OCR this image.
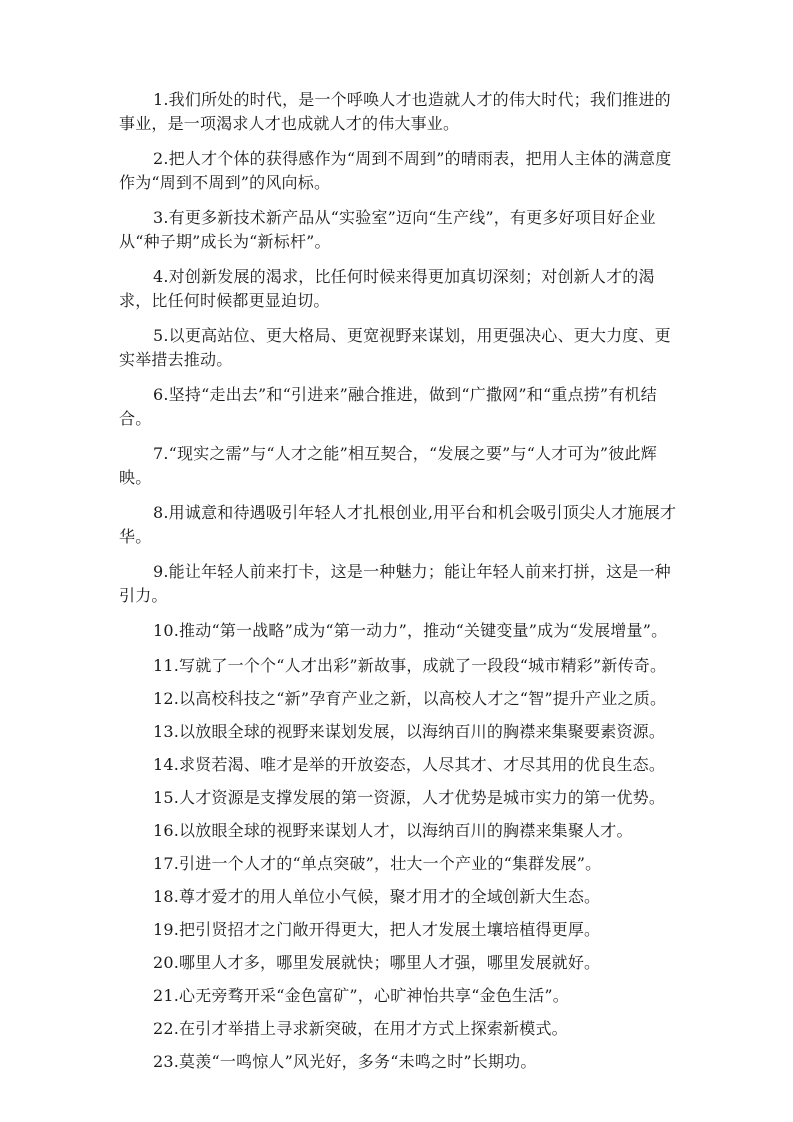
1.我们所处的时代，是一个呼唤人才也造就人才的伟大时代；我们推进的事业，是一项渴求人才也成就人才的伟大事业。

2.把人才个体的获得感作为“周到不周到”的晴雨表，把用人主体的满意度作为“周到不周到”的风向标。

3.有更多新技术新产品从“实验室”迈向“生产线”，有更多好项目好企业从“种子期”成长为“新标杆”。

4.对创新发展的渴求，比任何时候来得更加真切深刻；对创新人才的渴求，比任何时候都更显迫切。

5.以更高站位、更大格局、更宽视野来谋划，用更强决心、更大力度、更实举措去推动。

6.坚持“走出去”和“引进来”融合推进，做到“广撒网”和“重点捞”有机结合。

7.“现实之需”与“人才之能”相互契合，“发展之要”与“人才可为”彼此辉映。

8.用诚意和待遇吸引年轻人才扎根创业,用平台和机会吸引顶尖人才施展才华。

9.能让年轻人前来打卡，这是一种魅力；能让年轻人前来打拼，这是一种引力。

10.推动“第一战略”成为“第一动力”，推动“关键变量”成为“发展增量”。

11.写就了一个个“人才出彩”新故事，成就了一段段“城市精彩”新传奇。

12.以高校科技之“新”孕育产业之新，以高校人才之“智”提升产业之质。

13.以放眼全球的视野来谋划发展，以海纳百川的胸襟来集聚要素资源。

14.求贤若渴、唯才是举的开放姿态，人尽其才、才尽其用的优良生态。

15.人才资源是支撑发展的第一资源，人才优势是城市实力的第一优势。

16.以放眼全球的视野来谋划人才，以海纳百川的胸襟来集聚人才。

17.引进一个人才的“单点突破”，壮大一个产业的“集群发展”。

18.尊才爱才的用人单位小气候，聚才用才的全域创新大生态。

19.把引贤招才之门敞开得更大，把人才发展土壤培植得更厚。

20.哪里人才多，哪里发展就快；哪里人才强，哪里发展就好。

21.心无旁骛开采“金色富矿”，心旷神怡共享“金色生活”。

22.在引才举措上寻求新突破，在用才方式上探索新模式。

23.莫羡“一鸣惊人”风光好，多务“未鸣之时”长期功。
